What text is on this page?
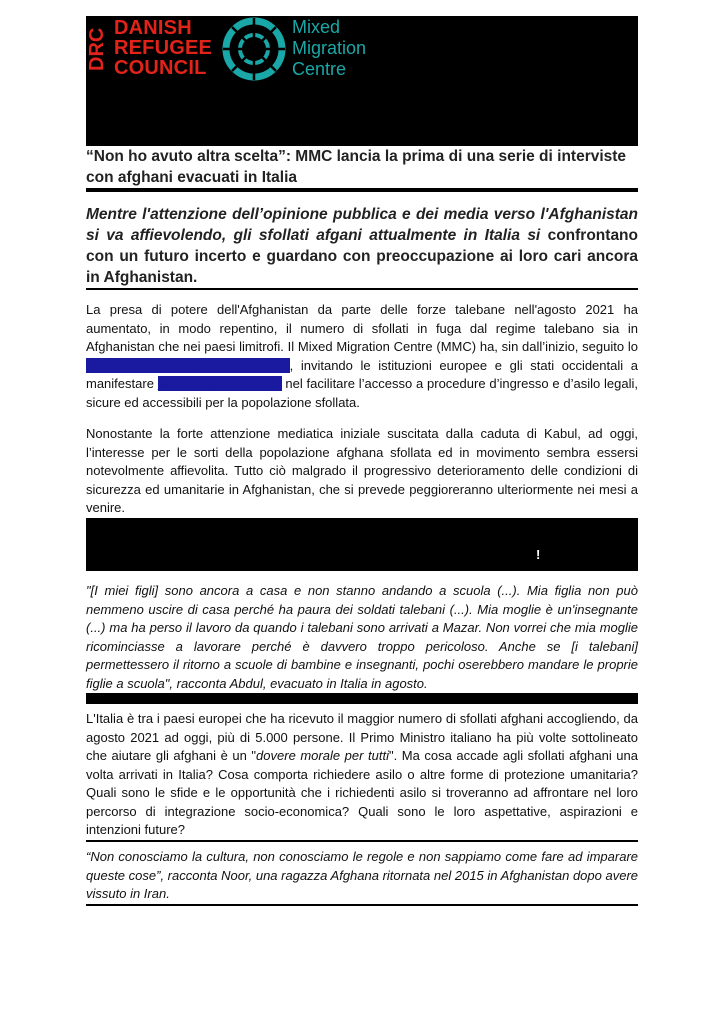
DRC DANISH
REFUGEE
COUNCIL
Mixed
Migration
Centre
“Non ho avuto altra scelta”: MMC lancia la prima di una serie di interviste con afghani evacuati in Italia
Mentre l'attenzione dell’opinione pubblica e dei media verso l'Afghanistan si va affievolendo, gli sfollati afgani attualmente in Italia si confrontano con un futuro incerto e guardano con preoccupazione ai loro cari ancora in Afghanistan.
La presa di potere dell'Afghanistan da parte delle forze talebane nell'agosto 2021 ha aumentato, in modo repentino, il numero di sfollati in fuga dal regime talebano sia in Afghanistan che nei paesi limitrofi. Il Mixed Migration Centre (MMC) ha, sin dall’inizio, seguito lo sviluppo della situazione afghana, invitando le istituzioni europee e gli stati occidentali a manifestare solidarietà e impegno nel facilitare l’accesso a procedure d’ingresso e d’asilo legali, sicure ed accessibili per la popolazione sfollata.
Nonostante la forte attenzione mediatica iniziale suscitata dalla caduta di Kabul, ad oggi, l’interesse per le sorti della popolazione afghana sfollata ed in movimento sembra essersi notevolmente affievolita. Tutto ciò malgrado il progressivo deterioramento delle condizioni di sicurezza ed umanitarie in Afghanistan, che si prevede peggioreranno ulteriormente nei mesi a venire.
!
"[I miei figli] sono ancora a casa e non stanno andando a scuola (...). Mia figlia non può nemmeno uscire di casa perché ha paura dei soldati talebani (...). Mia moglie è un'insegnante (...) ma ha perso il lavoro da quando i talebani sono arrivati a Mazar. Non vorrei che mia moglie ricominciasse a lavorare perché è davvero troppo pericoloso. Anche se [i talebani] permettessero il ritorno a scuole di bambine e insegnanti, pochi oserebbero mandare le proprie figlie a scuola", racconta Abdul, evacuato in Italia in agosto.
L'Italia è tra i paesi europei che ha ricevuto il maggior numero di sfollati afghani accogliendo, da agosto 2021 ad oggi, più di 5.000 persone. Il Primo Ministro italiano ha più volte sottolineato che aiutare gli afghani è un "dovere morale per tutti". Ma cosa accade agli sfollati afghani una volta arrivati in Italia? Cosa comporta richiedere asilo o altre forme di protezione umanitaria? Quali sono le sfide e le opportunità che i richiedenti asilo si troveranno ad affrontare nel loro percorso di integrazione socio-economica? Quali sono le loro aspettative, aspirazioni e intenzioni future?
“Non conosciamo la cultura, non conosciamo le regole e non sappiamo come fare ad imparare queste cose”, racconta Noor, una ragazza Afghana ritornata nel 2015 in Afghanistan dopo avere vissuto in Iran.
